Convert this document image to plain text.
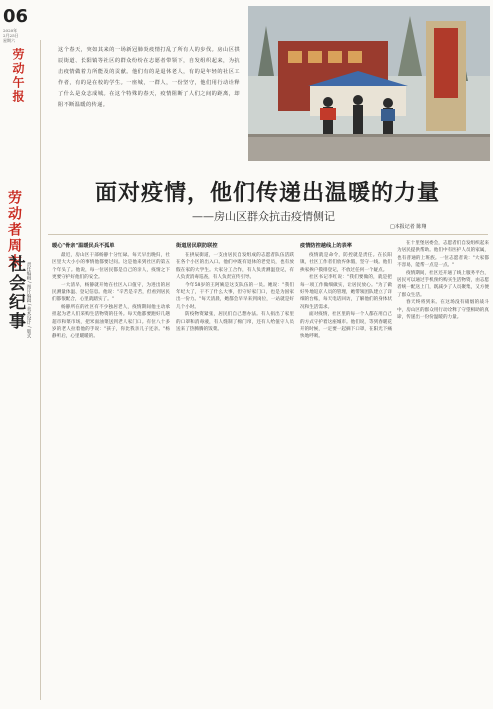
06
2020年
2月25日
星期六
劳动午报
劳动者周末
社会纪事 责任编辑 / 图片编辑 / 美术设计 / 版式
这个春天，突如其来的一场新冠肺炎疫情打乱了所有人的步伐。房山区拱辰街道、长阳镇等社区的群众纷纷在志愿者带领下，自发组织起来，为抗击疫情做着力所能及的贡献。他们有的是退休老人，有的是年轻的社区工作者，有的是在校的学生。一座城，一群人，一份坚守，他们用行动诠释了什么是众志成城。在这个特殊的春天，疫情阻断了人们之间的距离，却阻不断温暖的传递。
面对疫情，他们传递出温暖的力量
——房山区群众抗击疫情侧记
□本报记者 陈翔
暖心"骨亲"温暖民兵不孤单

最近，房山区干部杨静十分忙碌。每天早出晚归，社区里大大小小的事情他都要过问。这是他来到社区的第五个年头了。他说，每一位居民都是自己的亲人，疫情之下更要守护好他们的安全。

一大清早，杨静就开始在社区入口值守，为进出的居民测量体温、登记信息。他说："辛苦是辛苦，但看到居民们都很配合，心里就踏实了。"

杨静所在的社区有不少独居老人，疫情期间他主动承担起为老人们采购生活物资的任务。每天他都要跑好几趟超市和菜市场，把米面油菜送到老人家门口。有位八十多岁的老人拉着他的手说："孩子，你比我亲儿子还亲。"杨静听后，心里暖暖的。

街道居民联防联控

在拱辰街道，一支由居民自发组成的志愿者队伍活跃在各个小区的出入口。他们中既有退休的老党员，也有放假在家的大学生。大家分工合作，有人负责测温登记，有人负责消毒巡查，有人负责宣传引导。

今年58岁的王阿姨是这支队伍的一员。她说："我们年纪大了，干不了什么大事，但守好家门口，也是为国家出一份力。"每天清晨，她都会早早来到岗位，一站就是好几个小时。

防疫物资紧张，居民们自己想办法。有人捐出了家里的口罩和消毒液，有人缝制了棉门帘，还有人给值守人员送来了热腾腾的饭菜。

疫情防控越线上的表率

疫情就是命令，防控就是责任。在长阳镇，社区工作者们放弃休假，坚守一线。他们挨家挨户摸排登记，不放过任何一个疑点。

社区书记李红说："我们要做的，就是把每一项工作做细做实，让居民放心。"为了做好外地返京人员的管理，她带领团队建立了详细的台账，每天电话回访，了解他们的身体状况和生活需求。

面对疫情，社区里的每一个人都在用自己的方式守护着这座城市。他们说，等到春暖花开的时候，一定要一起摘下口罩，在阳光下痛快地呼吸。

在十里堡居委会，志愿者们自发组织起来为居民提供帮助。他们中有医护人员的家属，也有普通的上班族。一位志愿者说："大家都不容易，能帮一点是一点。"

疫情期间，社区还开通了线上服务平台，居民可以通过手机预约购买生活物资，由志愿者统一配送上门，既减少了人员聚集，又方便了群众生活。

春天终将到来。在这场没有硝烟的战斗中，房山区的群众用行动诠释了守望相助的真谛，传递出一份份温暖的力量。
